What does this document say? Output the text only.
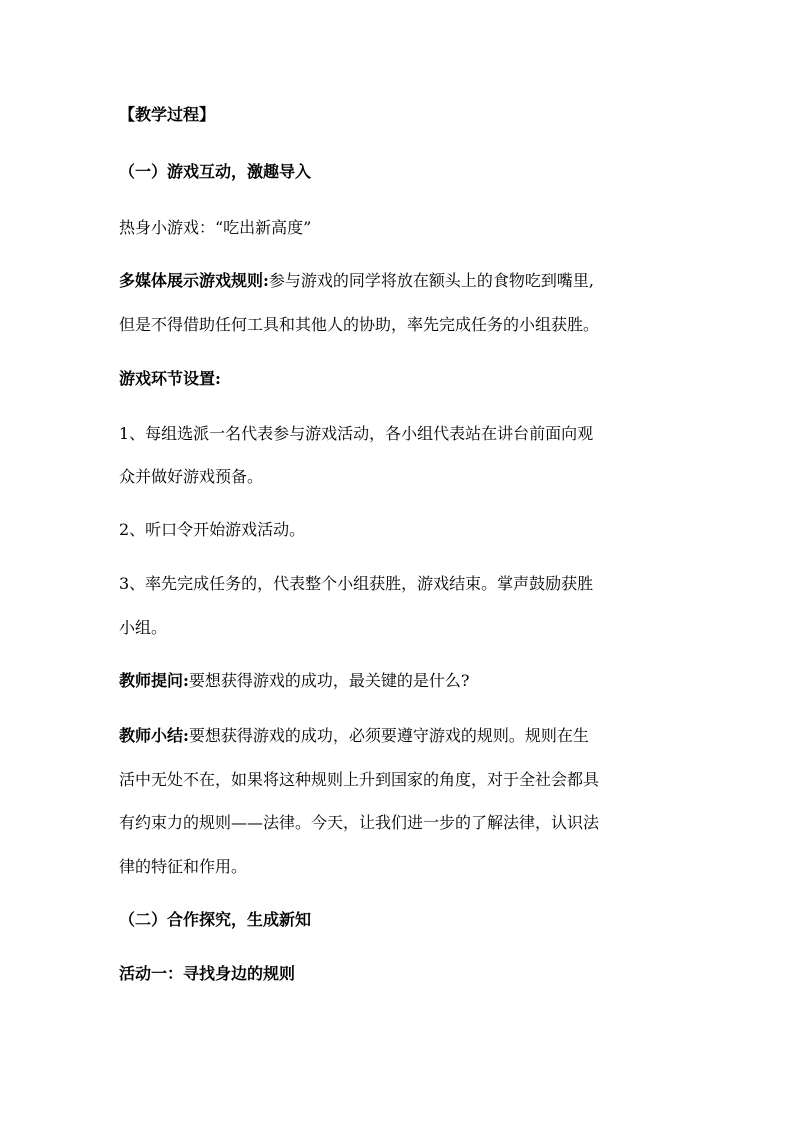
【教学过程】
（一）游戏互动，激趣导入
热身小游戏：“吃出新高度”
多媒体展示游戏规则:参与游戏的同学将放在额头上的食物吃到嘴里,
但是不得借助任何工具和其他人的协助，率先完成任务的小组获胜。
游戏环节设置:
1、每组选派一名代表参与游戏活动，各小组代表站在讲台前面向观
众并做好游戏预备。
2、听口令开始游戏活动。
3、率先完成任务的，代表整个小组获胜，游戏结束。掌声鼓励获胜
小组。
教师提问:要想获得游戏的成功，最关键的是什么?
教师小结:要想获得游戏的成功，必须要遵守游戏的规则。规则在生
活中无处不在，如果将这种规则上升到国家的角度，对于全社会都具
有约束力的规则——法律。今天，让我们进一步的了解法律，认识法
律的特征和作用。
（二）合作探究，生成新知
活动一：寻找身边的规则
